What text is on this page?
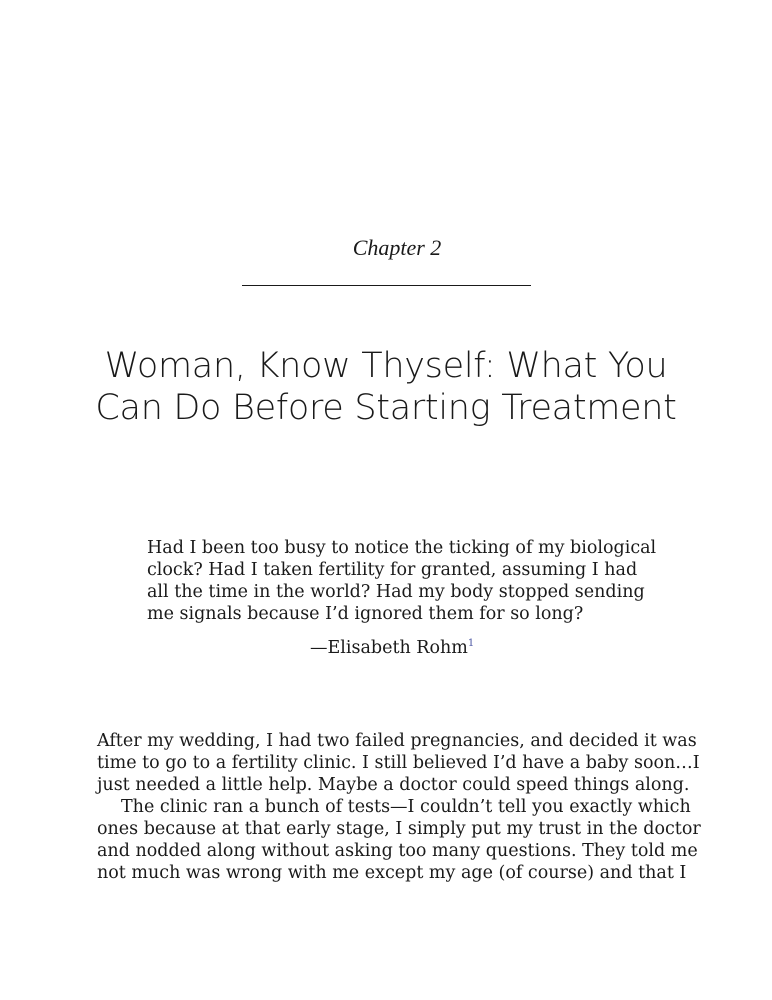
Chapter 2
Woman, Know Thyself: What You
Can Do Before Starting Treatment
Had I been too busy to notice the ticking of my biological
clock? Had I taken fertility for granted, assuming I had
all the time in the world? Had my body stopped sending
me signals because I’d ignored them for so long?
—Elisabeth Rohm$^1$
After my wedding, I had two failed pregnancies, and decided it was
time to go to a fertility clinic. I still believed I’d have a baby soon…I
just needed a little help. Maybe a doctor could speed things along.
The clinic ran a bunch of tests—I couldn’t tell you exactly which
ones because at that early stage, I simply put my trust in the doctor
and nodded along without asking too many questions. They told me
not much was wrong with me except my age (of course) and that I
